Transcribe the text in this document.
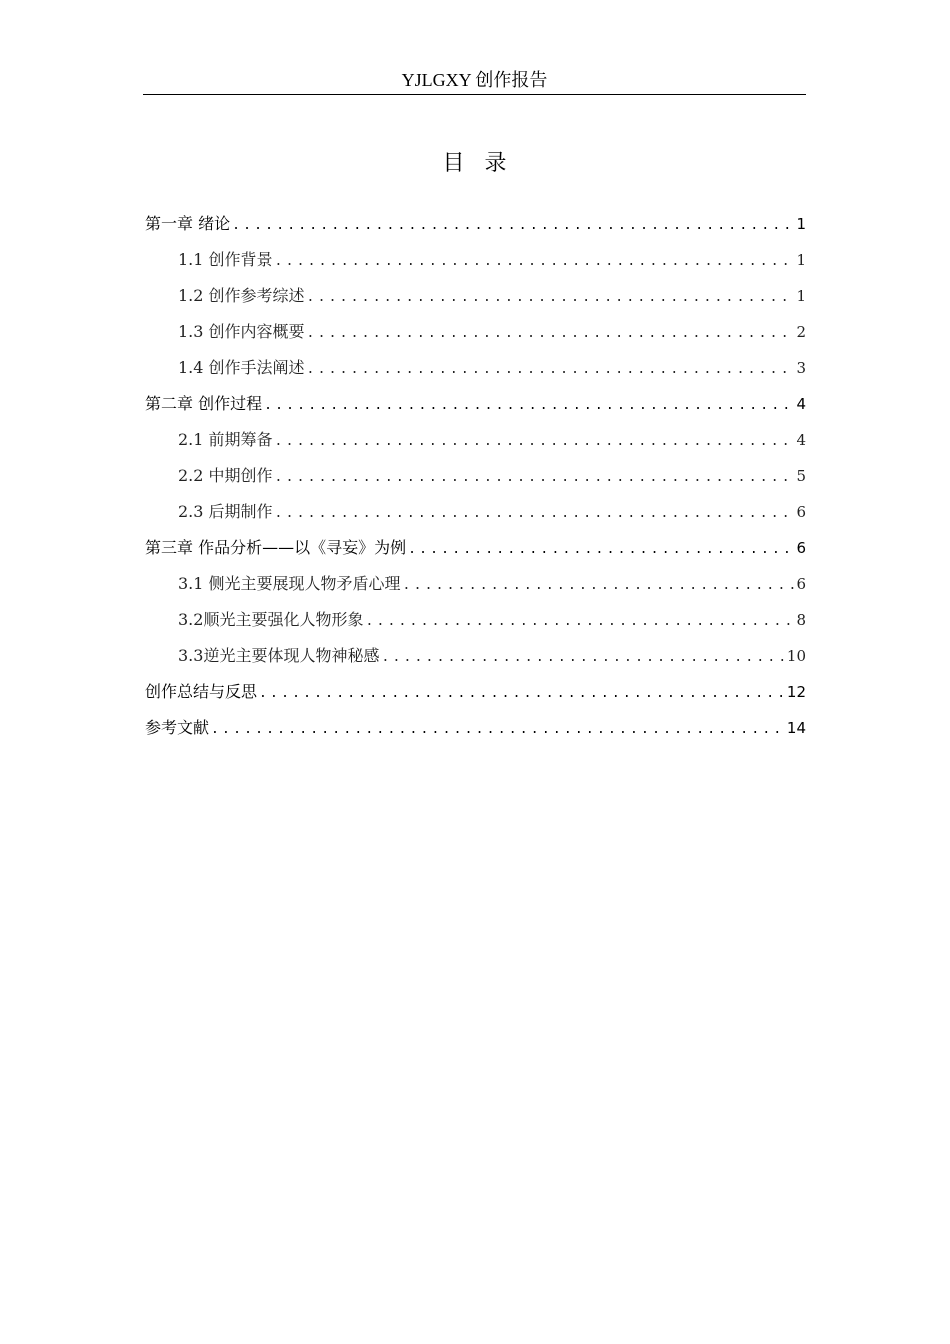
YJLGXY 创作报告
目录
第一章 绪论 .....	1
1.1 创作背景 .....	1
1.2 创作参考综述 .....	1
1.3 创作内容概要 .....	2
1.4 创作手法阐述 .....	3
第二章 创作过程 .....	4
2.1 前期筹备 .....	4
2.2 中期创作 .....	5
2.3 后期制作 .....	6
第三章 作品分析——以《寻妄》为例 .....	6
3.1 侧光主要展现人物矛盾心理 .....	6
3.2顺光主要强化人物形象 .....	8
3.3逆光主要体现人物神秘感 .....	10
创作总结与反思 .....	12
参考文献 .....	14
